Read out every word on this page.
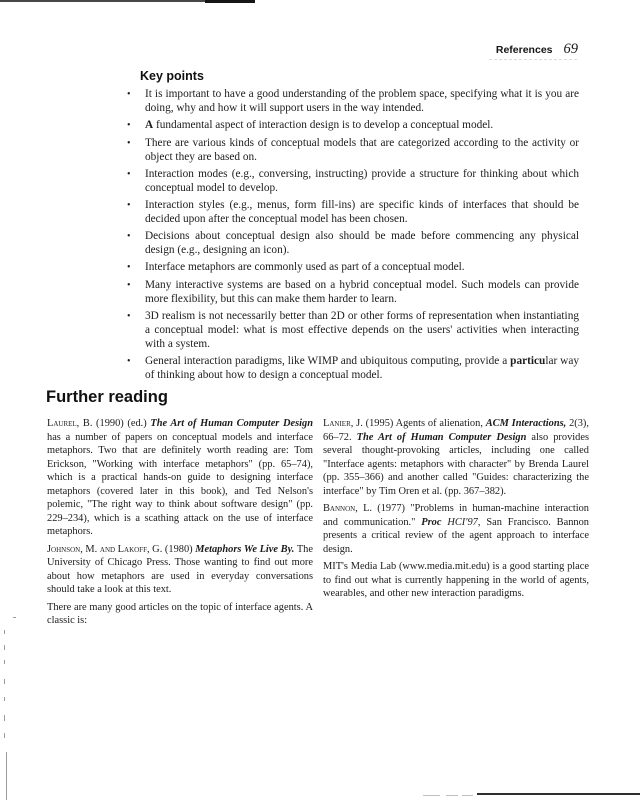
References 69
Key points
•	It is important to have a good understanding of the problem space, specifying what it is you are doing, why and how it will support users in the way intended.
•	A fundamental aspect of interaction design is to develop a conceptual model.
•	There are various kinds of conceptual models that are categorized according to the activity or object they are based on.
•	Interaction modes (e.g., conversing, instructing) provide a structure for thinking about which conceptual model to develop.
•	Interaction styles (e.g., menus, form fill-ins) are specific kinds of interfaces that should be decided upon after the conceptual model has been chosen.
•	Decisions about conceptual design also should be made before commencing any physical design (e.g., designing an icon).
•	Interface metaphors are commonly used as part of a conceptual model.
•	Many interactive systems are based on a hybrid conceptual model. Such models can provide more flexibility, but this can make them harder to learn.
•	3D realism is not necessarily better than 2D or other forms of representation when instantiating a conceptual model: what is most effective depends on the users' activities when interacting with a system.
•	General interaction paradigms, like WIMP and ubiquitous computing, provide a particular way of thinking about how to design a conceptual model.
Further reading

Laurel, B. (1990) (ed.) The Art of Human Computer Design has a number of papers on conceptual models and interface metaphors. Two that are definitely worth reading are: Tom Erickson, "Working with interface metaphors" (pp. 65–74), which is a practical hands-on guide to designing interface metaphors (covered later in this book), and Ted Nelson's polemic, "The right way to think about software design" (pp. 229–234), which is a scathing attack on the use of interface metaphors.

Johnson, M. and Lakoff, G. (1980) Metaphors We Live By. The University of Chicago Press. Those wanting to find out more about how metaphors are used in everyday conversations should take a look at this text.

There are many good articles on the topic of interface agents. A classic is:

Lanier, J. (1995) Agents of alienation, ACM Interactions, 2(3), 66–72. The Art of Human Computer Design also provides several thought-provoking articles, including one called "Interface agents: metaphors with character" by Brenda Laurel (pp. 355–366) and another called "Guides: characterizing the interface" by Tim Oren et al. (pp. 367–382).

Bannon, L. (1977) "Problems in human-machine interaction and communication." Proc HCI'97, San Francisco. Bannon presents a critical review of the agent approach to interface design.

MIT's Media Lab (www.media.mit.edu) is a good starting place to find out what is currently happening in the world of agents, wearables, and other new interaction paradigms.
